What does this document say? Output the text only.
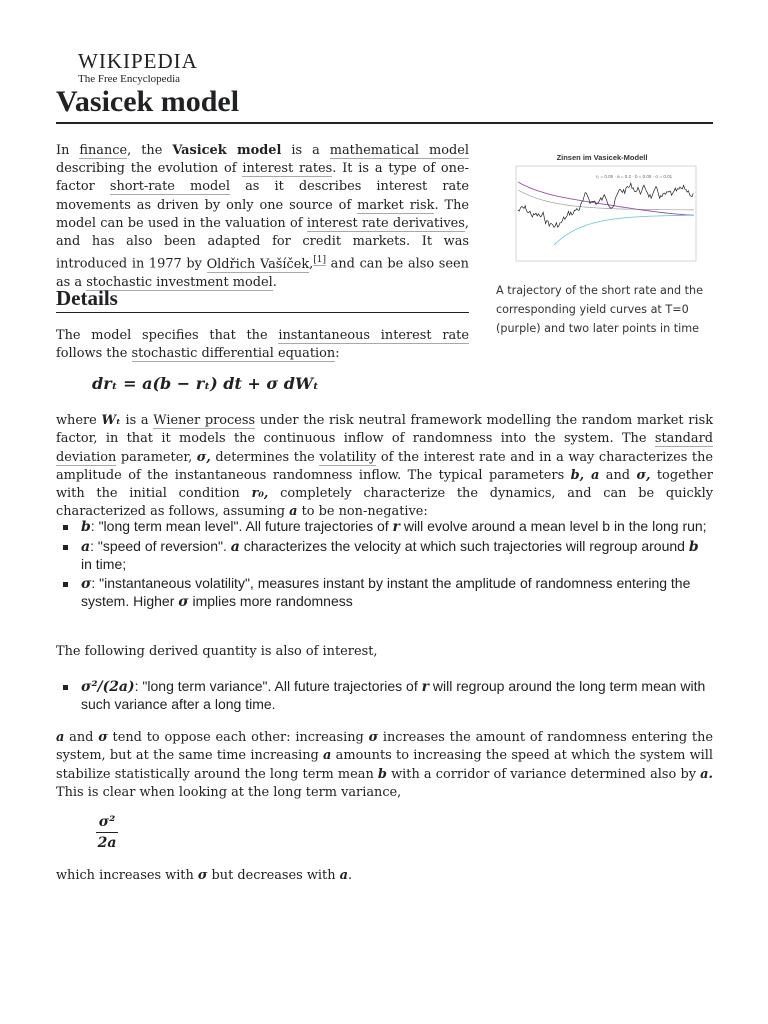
WIKIPEDIA
The Free Encyclopedia
Vasicek model
In finance, the Vasicek model is a mathematical model describing the evolution of interest rates. It is a type of one-factor short-rate model as it describes interest rate movements as driven by only one source of market risk. The model can be used in the valuation of interest rate derivatives, and has also been adapted for credit markets. It was introduced in 1977 by Oldřich Vašíček,[1] and can be also seen as a stochastic investment model.
Zinsen im Vasicek-Modell
r₀ = 0.05 · a = 0.2 · b = 0.05 · σ = 0.01
A trajectory of the short rate and the corresponding yield curves at T=0 (purple) and two later points in time
Details
The model specifies that the instantaneous interest rate follows the stochastic differential equation:
drₜ = a(b − rₜ) dt + σ dWₜ
where Wₜ is a Wiener process under the risk neutral framework modelling the random market risk factor, in that it models the continuous inflow of randomness into the system. The standard deviation parameter, σ, determines the volatility of the interest rate and in a way characterizes the amplitude of the instantaneous randomness inflow. The typical parameters b, a and σ, together with the initial condition r₀, completely characterize the dynamics, and can be quickly characterized as follows, assuming a to be non-negative:
b: "long term mean level". All future trajectories of r will evolve around a mean level b in the long run;
a: "speed of reversion". a characterizes the velocity at which such trajectories will regroup around b in time;
σ: "instantaneous volatility", measures instant by instant the amplitude of randomness entering the system. Higher σ implies more randomness
The following derived quantity is also of interest,
σ²/(2a): "long term variance". All future trajectories of r will regroup around the long term mean with such variance after a long time.
a and σ tend to oppose each other: increasing σ increases the amount of randomness entering the system, but at the same time increasing a amounts to increasing the speed at which the system will stabilize statistically around the long term mean b with a corridor of variance determined also by a. This is clear when looking at the long term variance,
$\frac{\text{σ²}}{2a}$
which increases with σ but decreases with a.
